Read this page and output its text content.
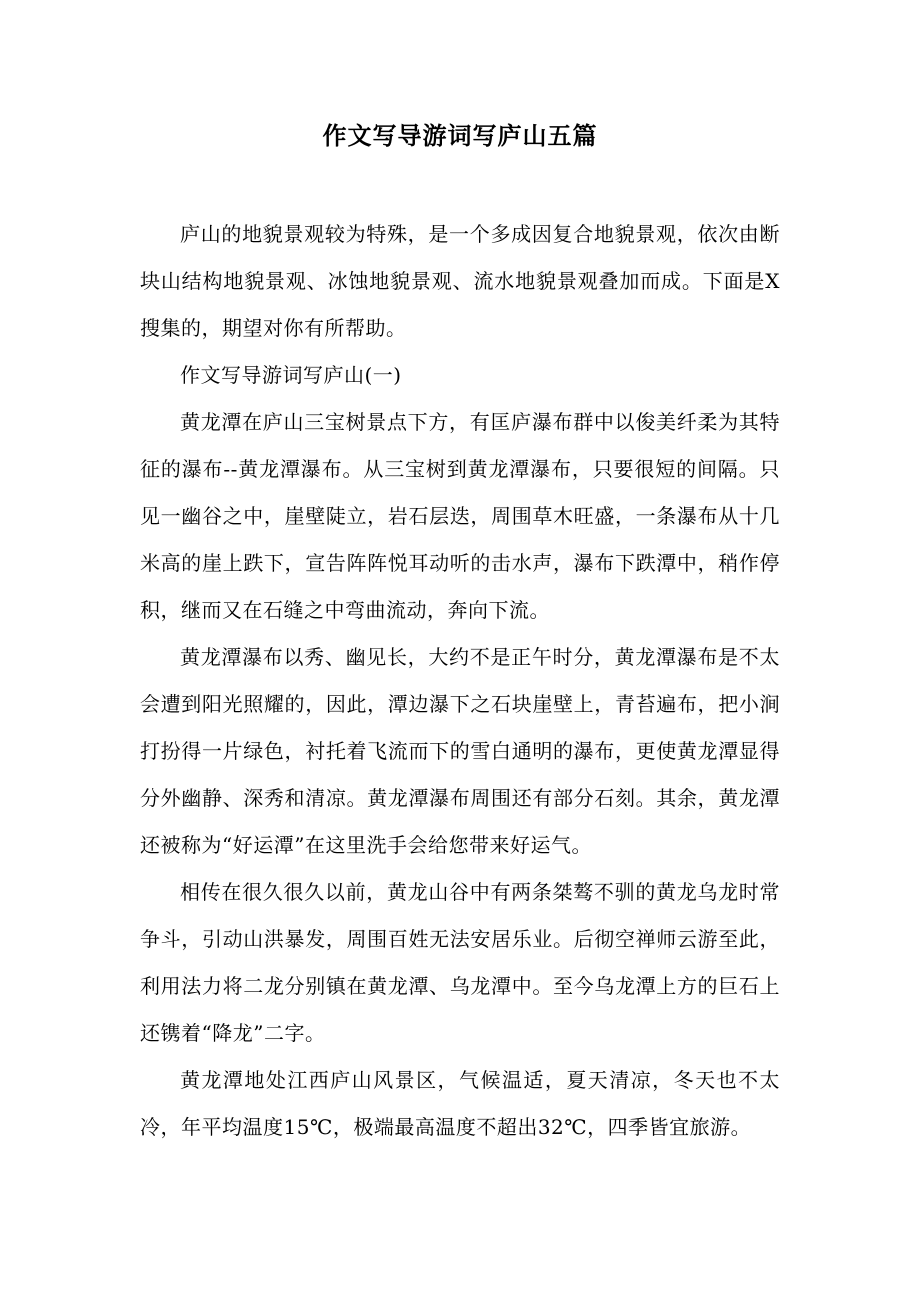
作文写导游词写庐山五篇

庐山的地貌景观较为特殊，是一个多成因复合地貌景观，依次由断块山结构地貌景观、冰蚀地貌景观、流水地貌景观叠加而成。下面是X搜集的，期望对你有所帮助。

作文写导游词写庐山(一)

黄龙潭在庐山三宝树景点下方，有匡庐瀑布群中以俊美纤柔为其特征的瀑布--黄龙潭瀑布。从三宝树到黄龙潭瀑布，只要很短的间隔。只见一幽谷之中，崖壁陡立，岩石层迭，周围草木旺盛，一条瀑布从十几米高的崖上跌下，宣告阵阵悦耳动听的击水声，瀑布下跌潭中，稍作停积，继而又在石缝之中弯曲流动，奔向下流。

黄龙潭瀑布以秀、幽见长，大约不是正午时分，黄龙潭瀑布是不太会遭到阳光照耀的，因此，潭边瀑下之石块崖壁上，青苔遍布，把小涧打扮得一片绿色，衬托着飞流而下的雪白通明的瀑布，更使黄龙潭显得分外幽静、深秀和清凉。黄龙潭瀑布周围还有部分石刻。其余，黄龙潭还被称为“好运潭”在这里洗手会给您带来好运气。

相传在很久很久以前，黄龙山谷中有两条桀骜不驯的黄龙乌龙时常争斗，引动山洪暴发，周围百姓无法安居乐业。后彻空禅师云游至此，利用法力将二龙分别镇在黄龙潭、乌龙潭中。至今乌龙潭上方的巨石上还镌着“降龙”二字。

黄龙潭地处江西庐山风景区，气候温适，夏天清凉，冬天也不太冷，年平均温度15℃，极端最高温度不超出32℃，四季皆宜旅游。
